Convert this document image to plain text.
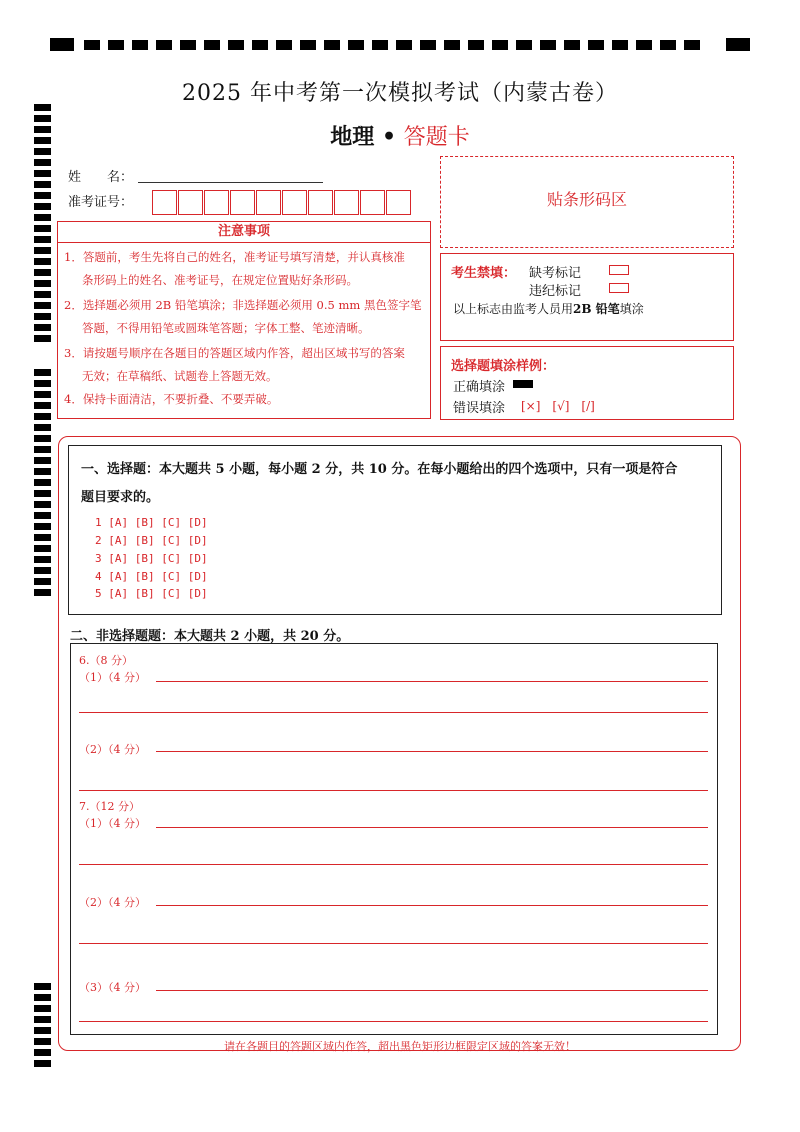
2025 年中考第一次模拟考试（内蒙古卷）
地理 • 答题卡
姓　　名：
准考证号：	贴条形码区
注意事项
1．答题前，考生先将自己的姓名，准考证号填写清楚，并认真核准
条形码上的姓名、准考证号，在规定位置贴好条形码。
2．选择题必须用 2B 铅笔填涂；非选择题必须用 0.5 mm 黑色签字笔
答题，不得用铅笔或圆珠笔答题；字体工整、笔迹清晰。
3．请按题号顺序在各题目的答题区域内作答，超出区域书写的答案
无效；在草稿纸、试题卷上答题无效。
4．保持卡面清洁，不要折叠、不要弄破。
考生禁填： 缺考标记
违纪标记
以上标志由监考人员用2B 铅笔填涂
选择题填涂样例：
正确填涂
错误填涂 [×]　[√]　[/]
一、选择题：本大题共 5 小题，每小题 2 分，共 10 分。在每小题给出的四个选项中，只有一项是符合
题目要求的。
1 [A] [B] [C] [D]
2 [A] [B] [C] [D]
3 [A] [B] [C] [D]
4 [A] [B] [C] [D]
5 [A] [B] [C] [D]
二、非选择题题：本大题共 2 小题，共 20 分。
6.（8 分）
（1）（4 分）
（2）（4 分）
7.（12 分）
（1）（4 分）
（2）（4 分）
（3）（4 分）
请在各题目的答题区域内作答，超出黑色矩形边框限定区域的答案无效！
